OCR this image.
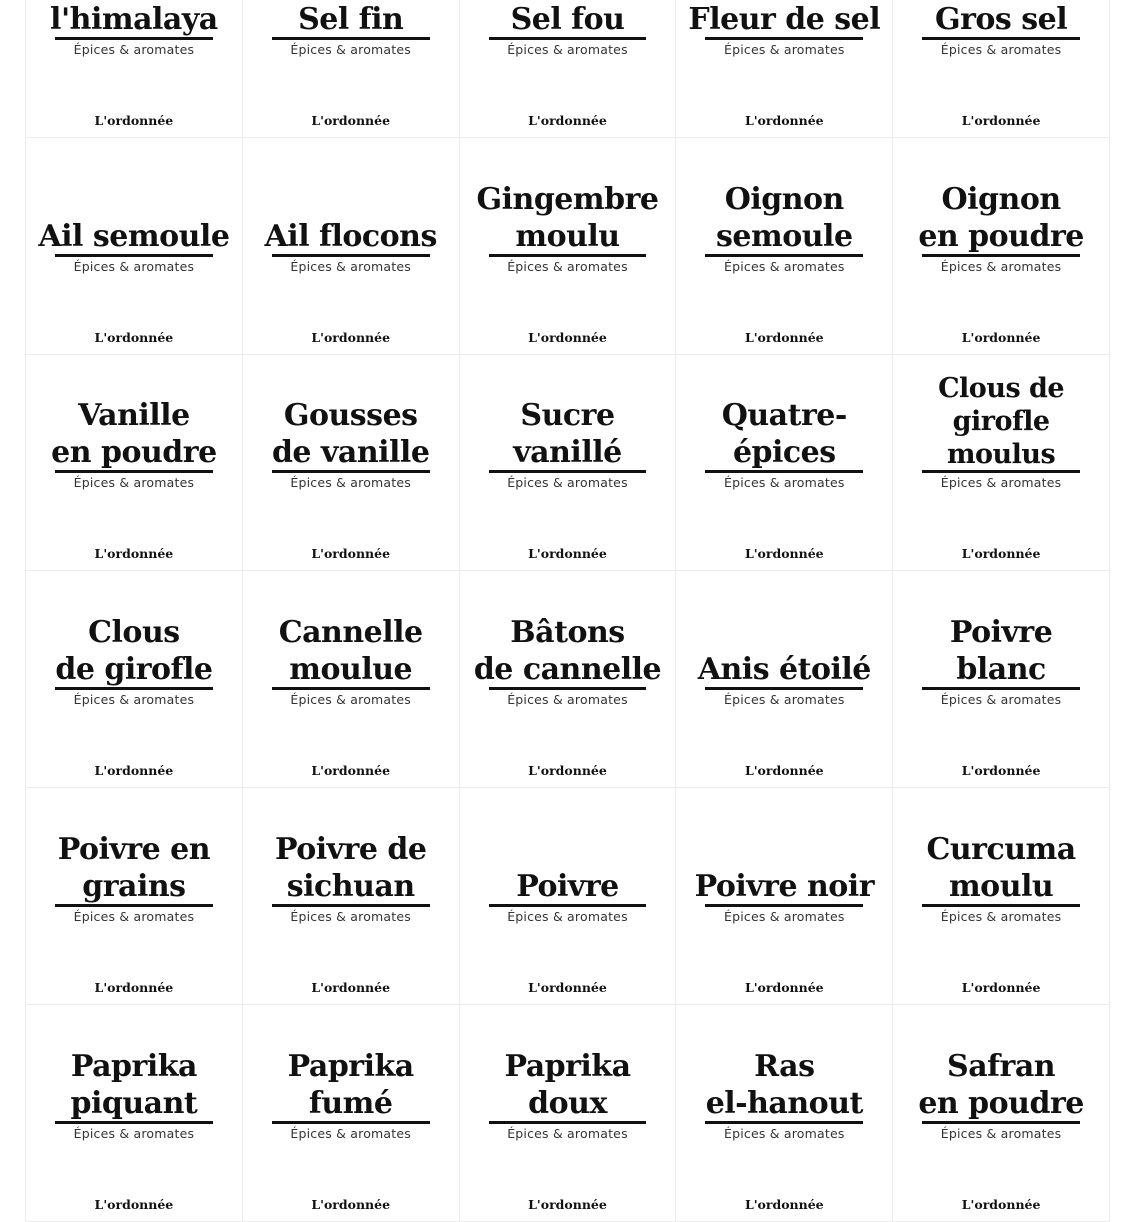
l'himalaya
Épices & aromates
L'ordonnée
Sel fin
Épices & aromates
L'ordonnée
Sel fou
Épices & aromates
L'ordonnée
Fleur de sel
Épices & aromates
L'ordonnée
Gros sel
Épices & aromates
L'ordonnée
Ail semoule
Épices & aromates
L'ordonnée
Ail flocons
Épices & aromates
L'ordonnée
Gingembre
moulu
Épices & aromates
L'ordonnée
Oignon
semoule
Épices & aromates
L'ordonnée
Oignon
en poudre
Épices & aromates
L'ordonnée
Vanille
en poudre
Épices & aromates
L'ordonnée
Gousses
de vanille
Épices & aromates
L'ordonnée
Sucre
vanillé
Épices & aromates
L'ordonnée
Quatre-
épices
Épices & aromates
L'ordonnée
Clous de
girofle
moulus
Épices & aromates
L'ordonnée
Clous
de girofle
Épices & aromates
L'ordonnée
Cannelle
moulue
Épices & aromates
L'ordonnée
Bâtons
de cannelle
Épices & aromates
L'ordonnée
Anis étoilé
Épices & aromates
L'ordonnée
Poivre
blanc
Épices & aromates
L'ordonnée
Poivre en
grains
Épices & aromates
L'ordonnée
Poivre de
sichuan
Épices & aromates
L'ordonnée
Poivre
Épices & aromates
L'ordonnée
Poivre noir
Épices & aromates
L'ordonnée
Curcuma
moulu
Épices & aromates
L'ordonnée
Paprika
piquant
Épices & aromates
L'ordonnée
Paprika
fumé
Épices & aromates
L'ordonnée
Paprika
doux
Épices & aromates
L'ordonnée
Ras
el-hanout
Épices & aromates
L'ordonnée
Safran
en poudre
Épices & aromates
L'ordonnée
